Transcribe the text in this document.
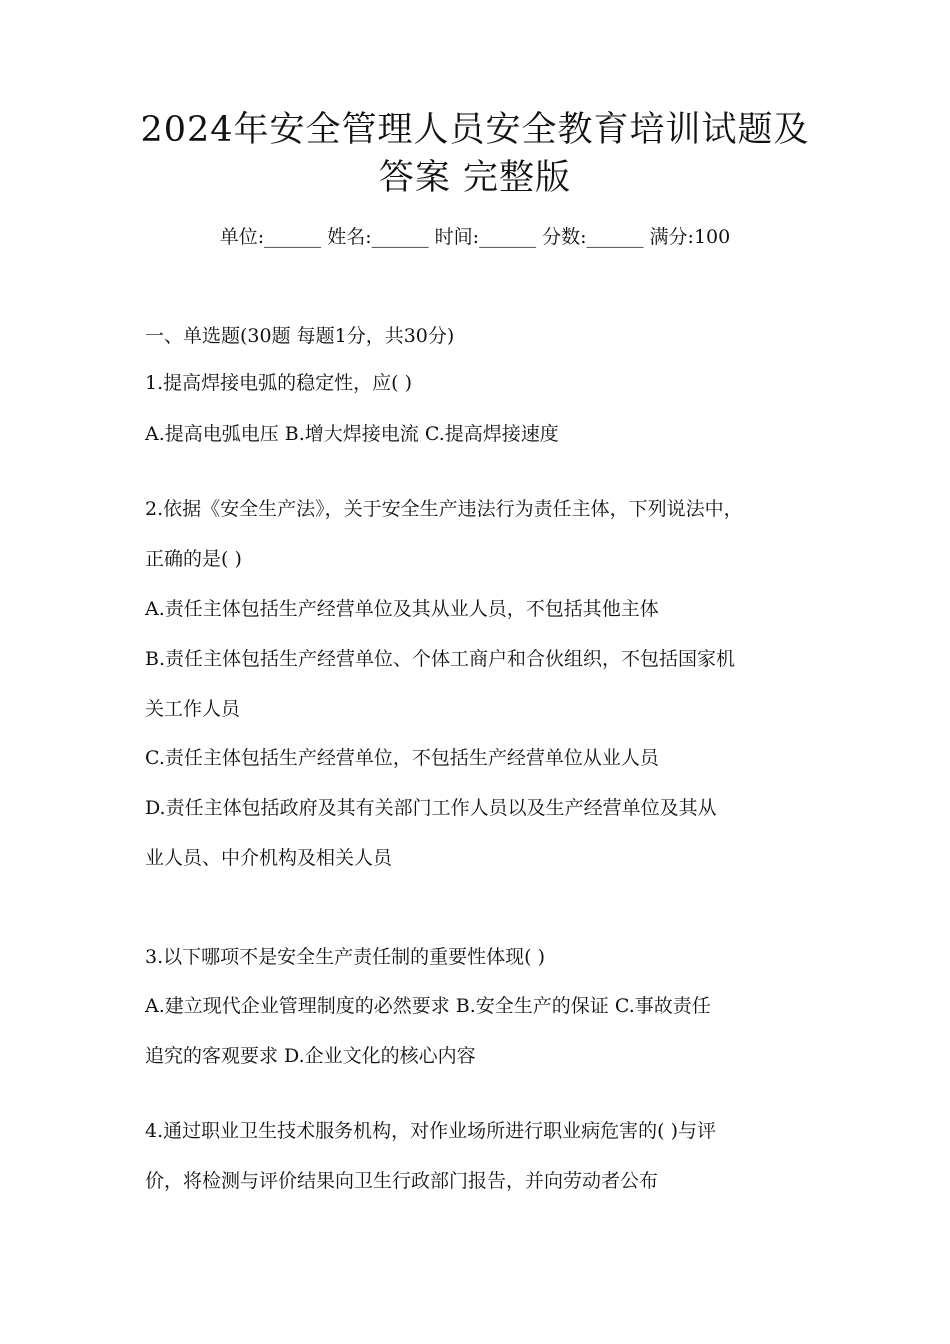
2024年安全管理人员安全教育培训试题及
答案 完整版
单位:______ 姓名:______ 时间:______ 分数:______ 满分:100
一、单选题(30题 每题1分，共30分)
1.提高焊接电弧的稳定性，应( )
A.提高电弧电压 B.增大焊接电流 C.提高焊接速度
2.依据《安全生产法》，关于安全生产违法行为责任主体，下列说法中，
正确的是( )
A.责任主体包括生产经营单位及其从业人员，不包括其他主体
B.责任主体包括生产经营单位、个体工商户和合伙组织，不包括国家机
关工作人员
C.责任主体包括生产经营单位，不包括生产经营单位从业人员
D.责任主体包括政府及其有关部门工作人员以及生产经营单位及其从
业人员、中介机构及相关人员
3.以下哪项不是安全生产责任制的重要性体现( )
A.建立现代企业管理制度的必然要求 B.安全生产的保证 C.事故责任
追究的客观要求 D.企业文化的核心内容
4.通过职业卫生技术服务机构，对作业场所进行职业病危害的( )与评
价，将检测与评价结果向卫生行政部门报告，并向劳动者公布
